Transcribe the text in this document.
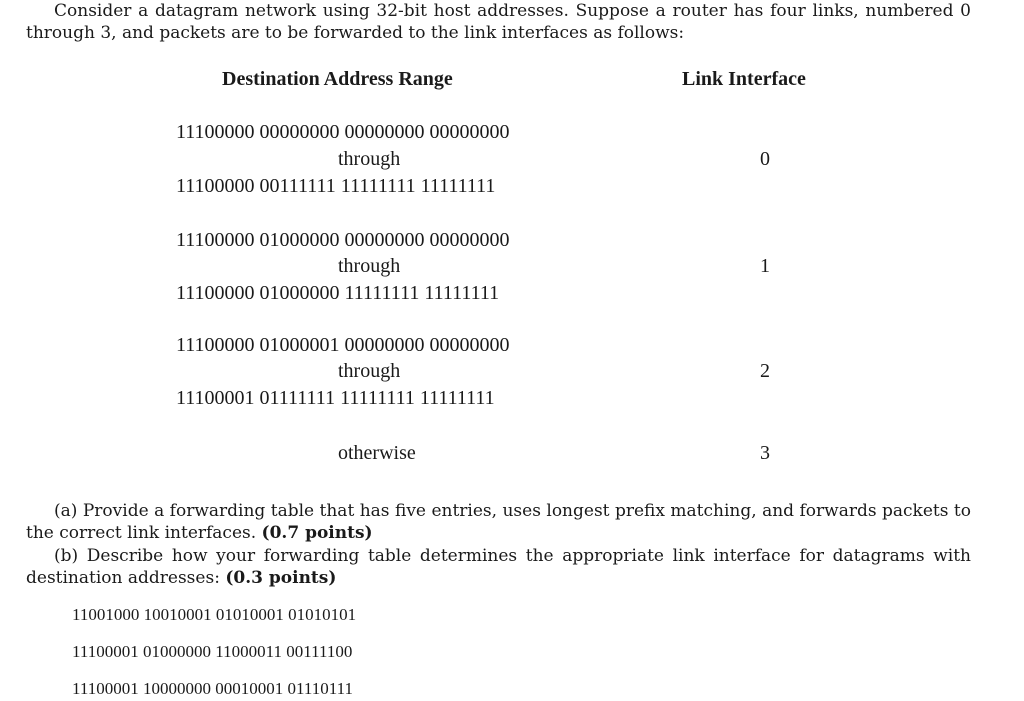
Consider a datagram network using 32-bit host addresses. Suppose a router has four links, numbered 0 through 3, and packets are to be forwarded to the link interfaces as follows:
Destination Address Range	Link Interface
11100000 00000000 00000000 00000000
through
11100000 00111111 11111111 11111111
0
11100000 01000000 00000000 00000000
through
11100000 01000000 11111111 11111111
1
11100000 01000001 00000000 00000000
through
11100001 01111111 11111111 11111111
2
otherwise	3
(a) Provide a forwarding table that has five entries, uses longest prefix matching, and forwards packets to the correct link interfaces. (0.7 points)
(b) Describe how your forwarding table determines the appropriate link interface for datagrams with destination addresses: (0.3 points)
11001000 10010001 01010001 01010101
11100001 01000000 11000011 00111100
11100001 10000000 00010001 01110111
